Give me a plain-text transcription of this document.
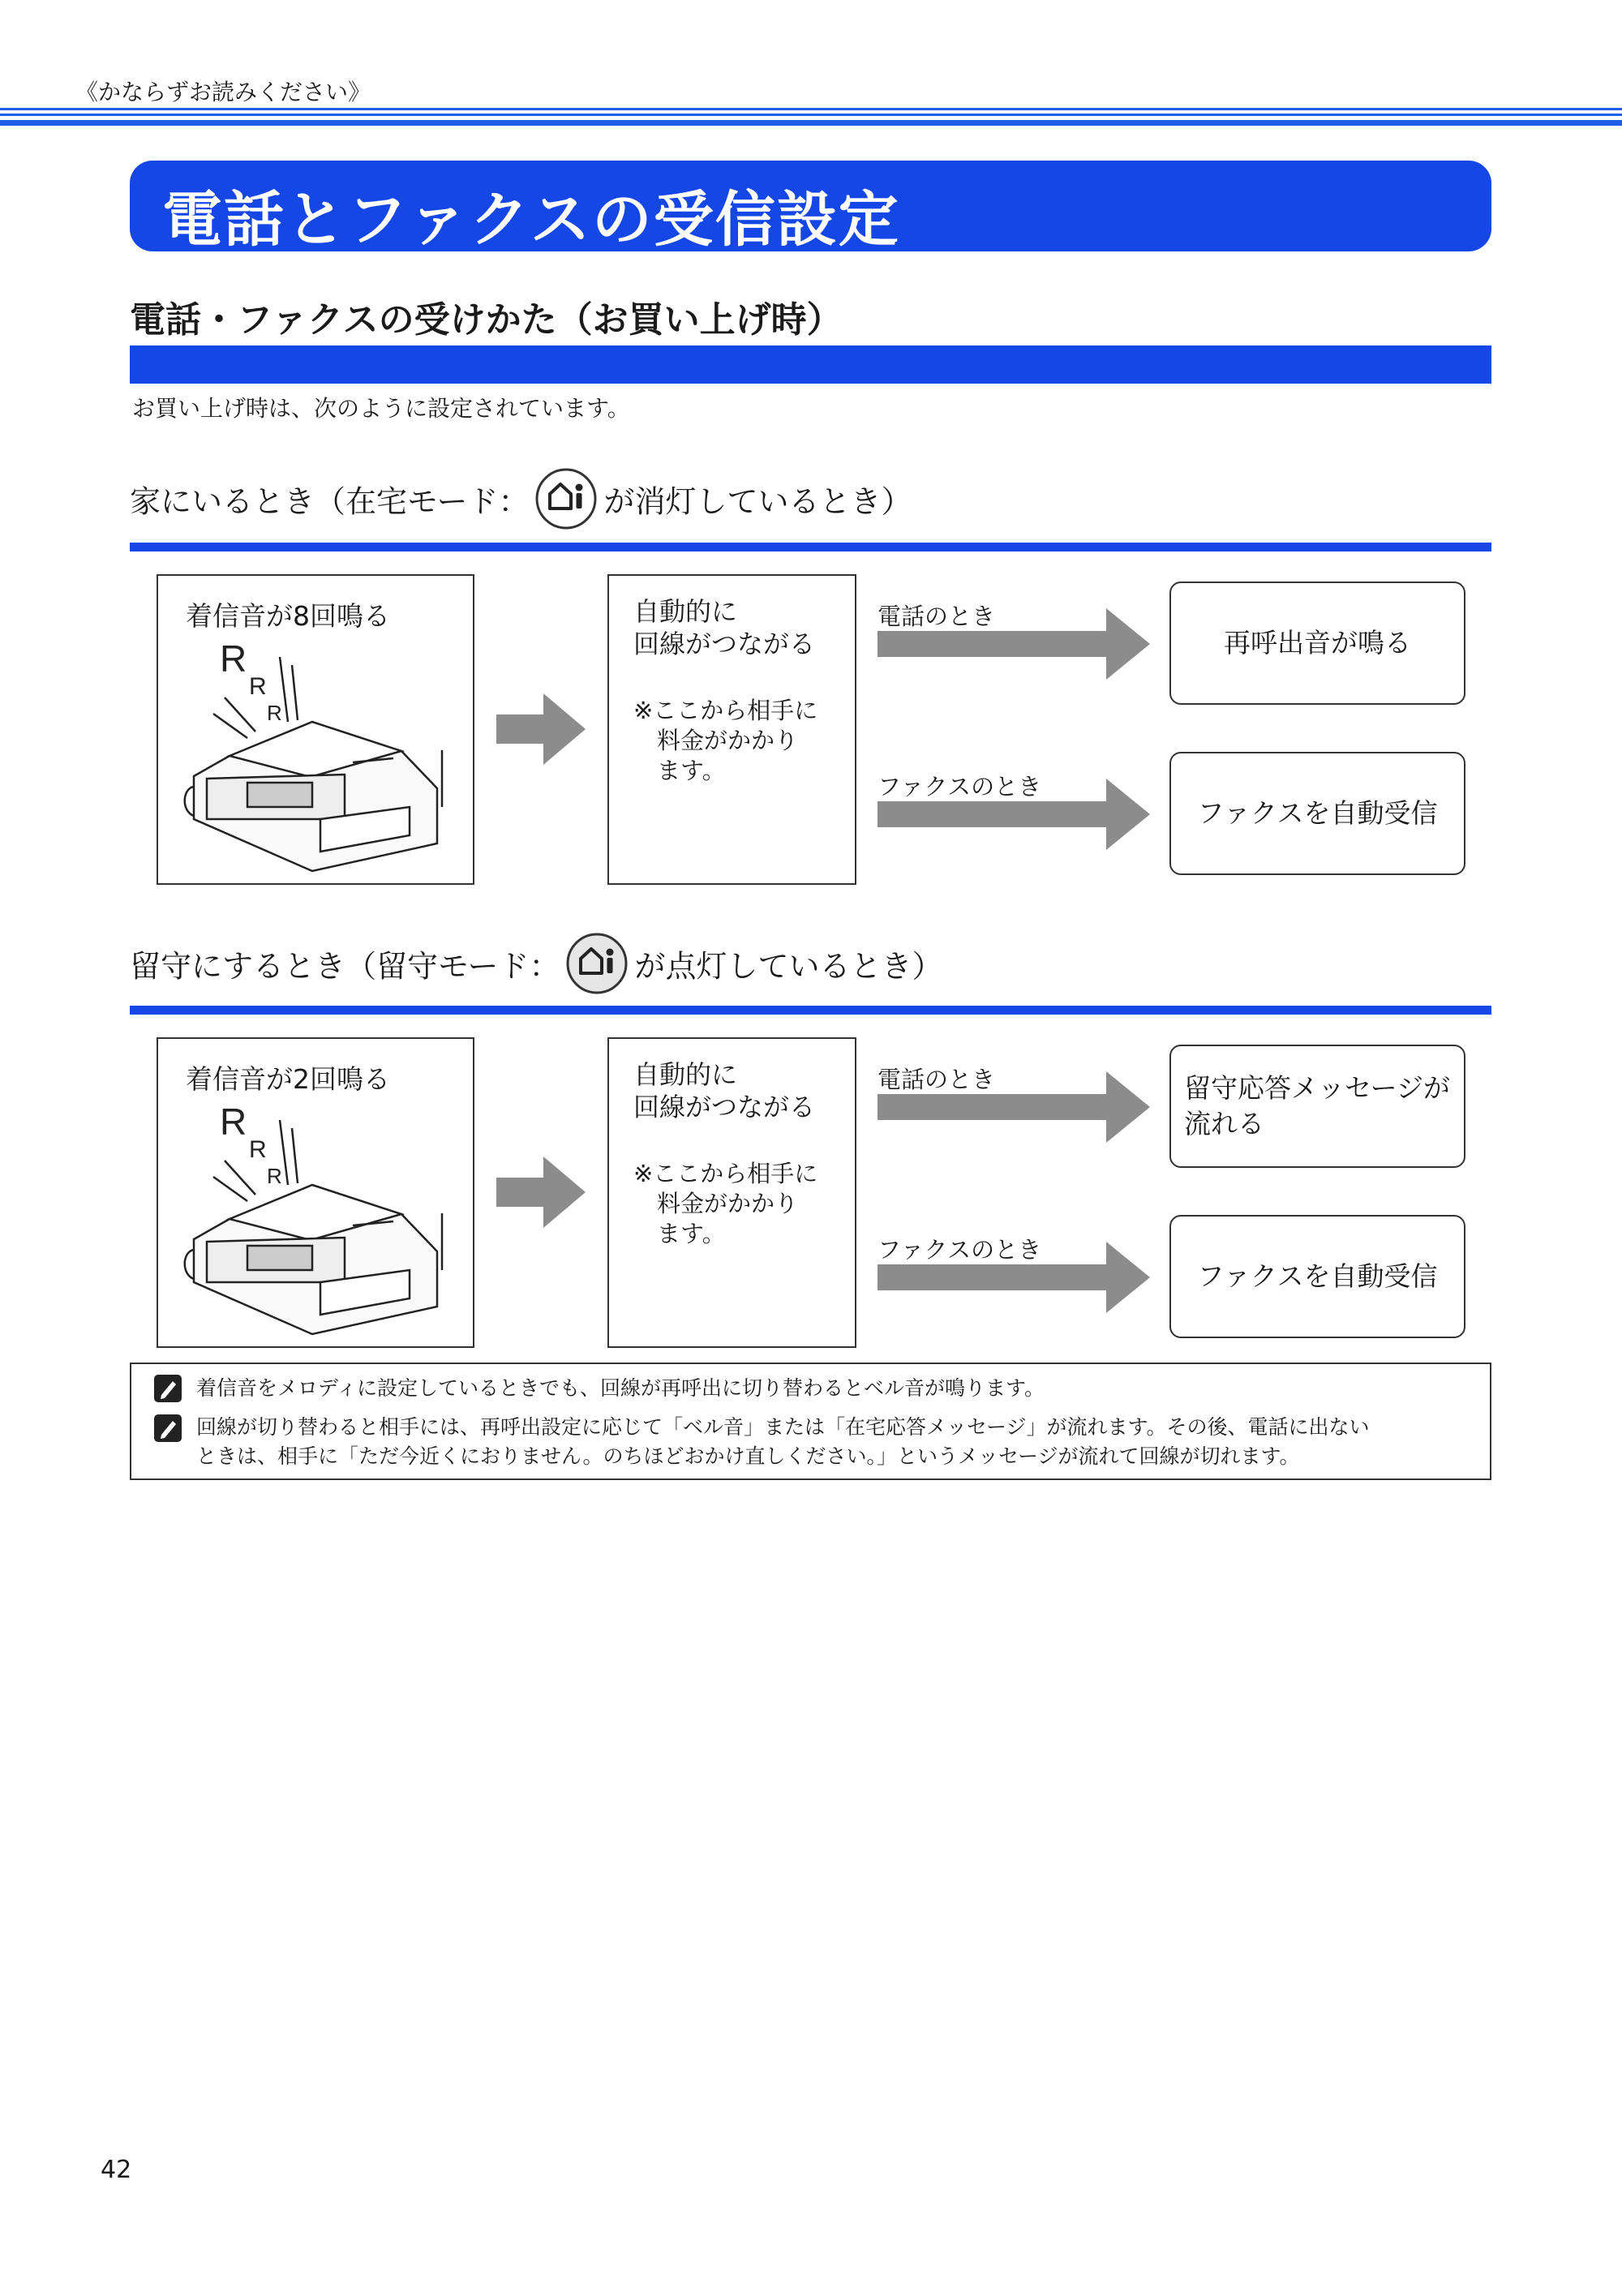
《かならずお読みください》
電話とファクスの受信設定
電話・ファクスの受けかた（お買い上げ時）
お買い上げ時は、次のように設定されています。
家にいるとき（在宅モード： が消灯しているとき）
着信音が8回鳴る
R
R
R
自動的に
回線がつながる
※ここから相手に
　料金がかかり
　ます。
電話のとき
再呼出音が鳴る
ファクスのとき
ファクスを自動受信
留守にするとき（留守モード： が点灯しているとき）
着信音が2回鳴る
R
R
R
自動的に
回線がつながる
※ここから相手に
　料金がかかり
　ます。
電話のとき	留守応答メッセージが
流れる
ファクスのとき
ファクスを自動受信
着信音をメロディに設定しているときでも、回線が再呼出に切り替わるとベル音が鳴ります。
回線が切り替わると相手には、再呼出設定に応じて「ベル音」または「在宅応答メッセージ」が流れます。その後、電話に出ない
ときは、相手に「ただ今近くにおりません。のちほどおかけ直しください。」というメッセージが流れて回線が切れます。
42
